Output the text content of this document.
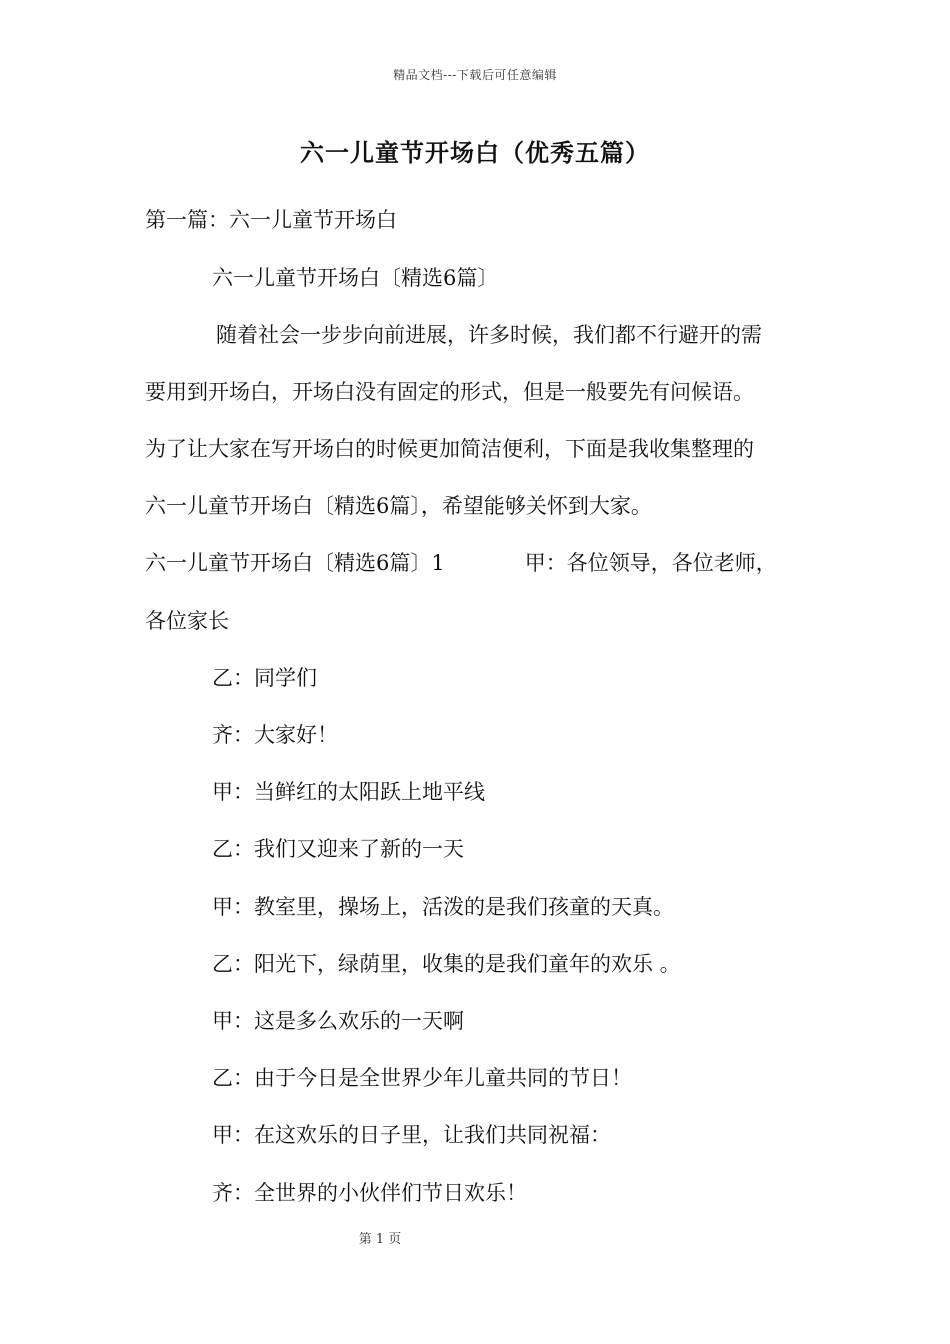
精品文档---下载后可任意编辑
六一儿童节开场白（优秀五篇）
第一篇：六一儿童节开场白
六一儿童节开场白〔精选6篇〕
随着社会一步步向前进展，许多时候，我们都不行避开的需
要用到开场白，开场白没有固定的形式，但是一般要先有问候语。
为了让大家在写开场白的时候更加简洁便利，下面是我收集整理的
六一儿童节开场白〔精选6篇〕，希望能够关怀到大家。
六一儿童节开场白〔精选6篇〕1	甲：各位领导，各位老师，
各位家长
乙：同学们
齐：大家好！
甲：当鲜红的太阳跃上地平线
乙：我们又迎来了新的一天
甲：教室里，操场上，活泼的是我们孩童的天真。
乙：阳光下，绿荫里，收集的是我们童年的欢乐 。
甲：这是多么欢乐的一天啊
乙：由于今日是全世界少年儿童共同的节日！
甲：在这欢乐的日子里，让我们共同祝福：
齐：全世界的小伙伴们节日欢乐！
第 1 页
